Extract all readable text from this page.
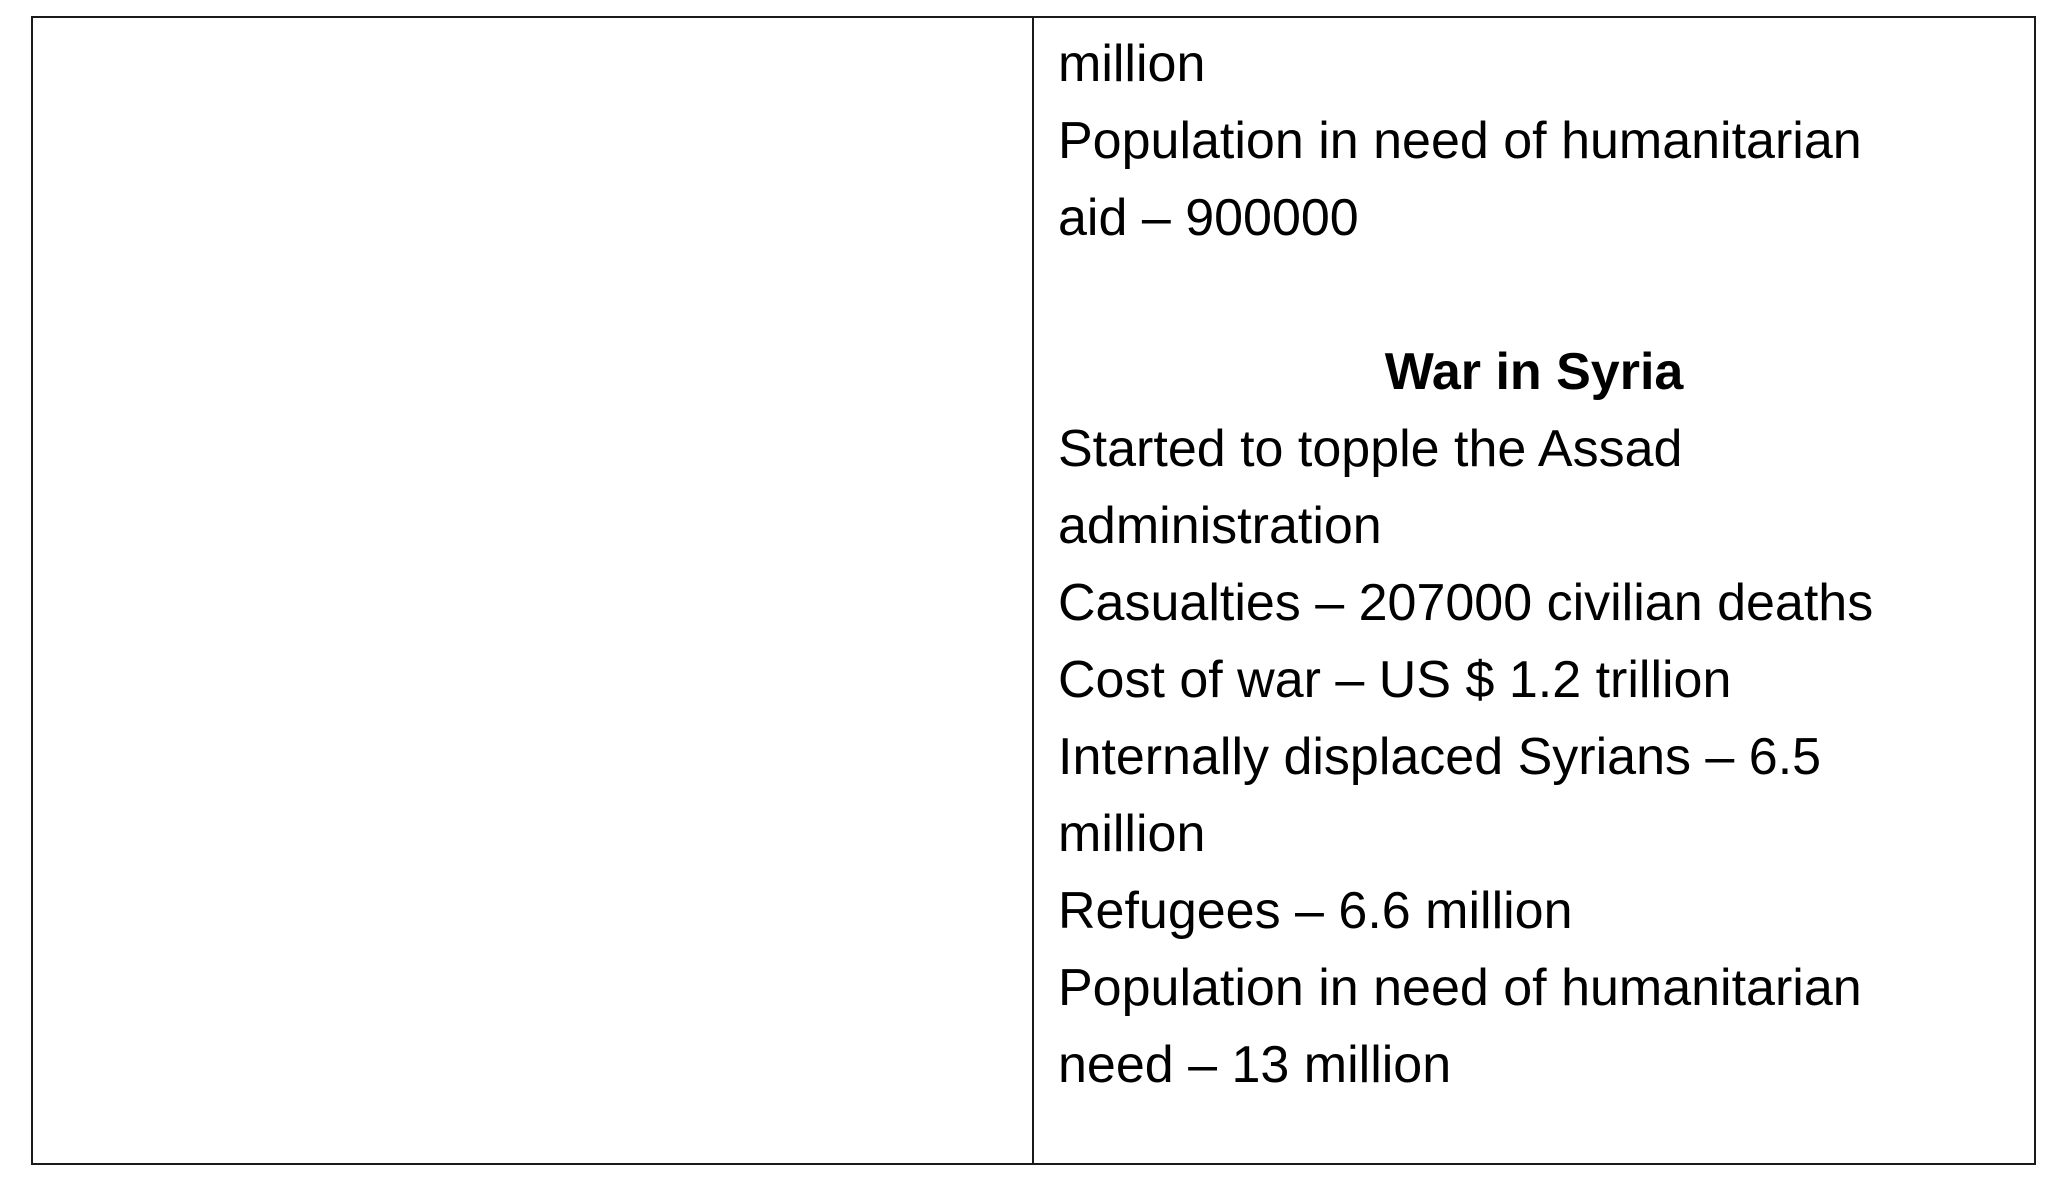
million

Population in need of humanitarian

aid – 900000

War in Syria

Started to topple the Assad

administration

Casualties – 207000 civilian deaths

Cost of war – US $ 1.2 trillion

Internally displaced Syrians – 6.5

million

Refugees – 6.6 million

Population in need of humanitarian

need – 13 million
